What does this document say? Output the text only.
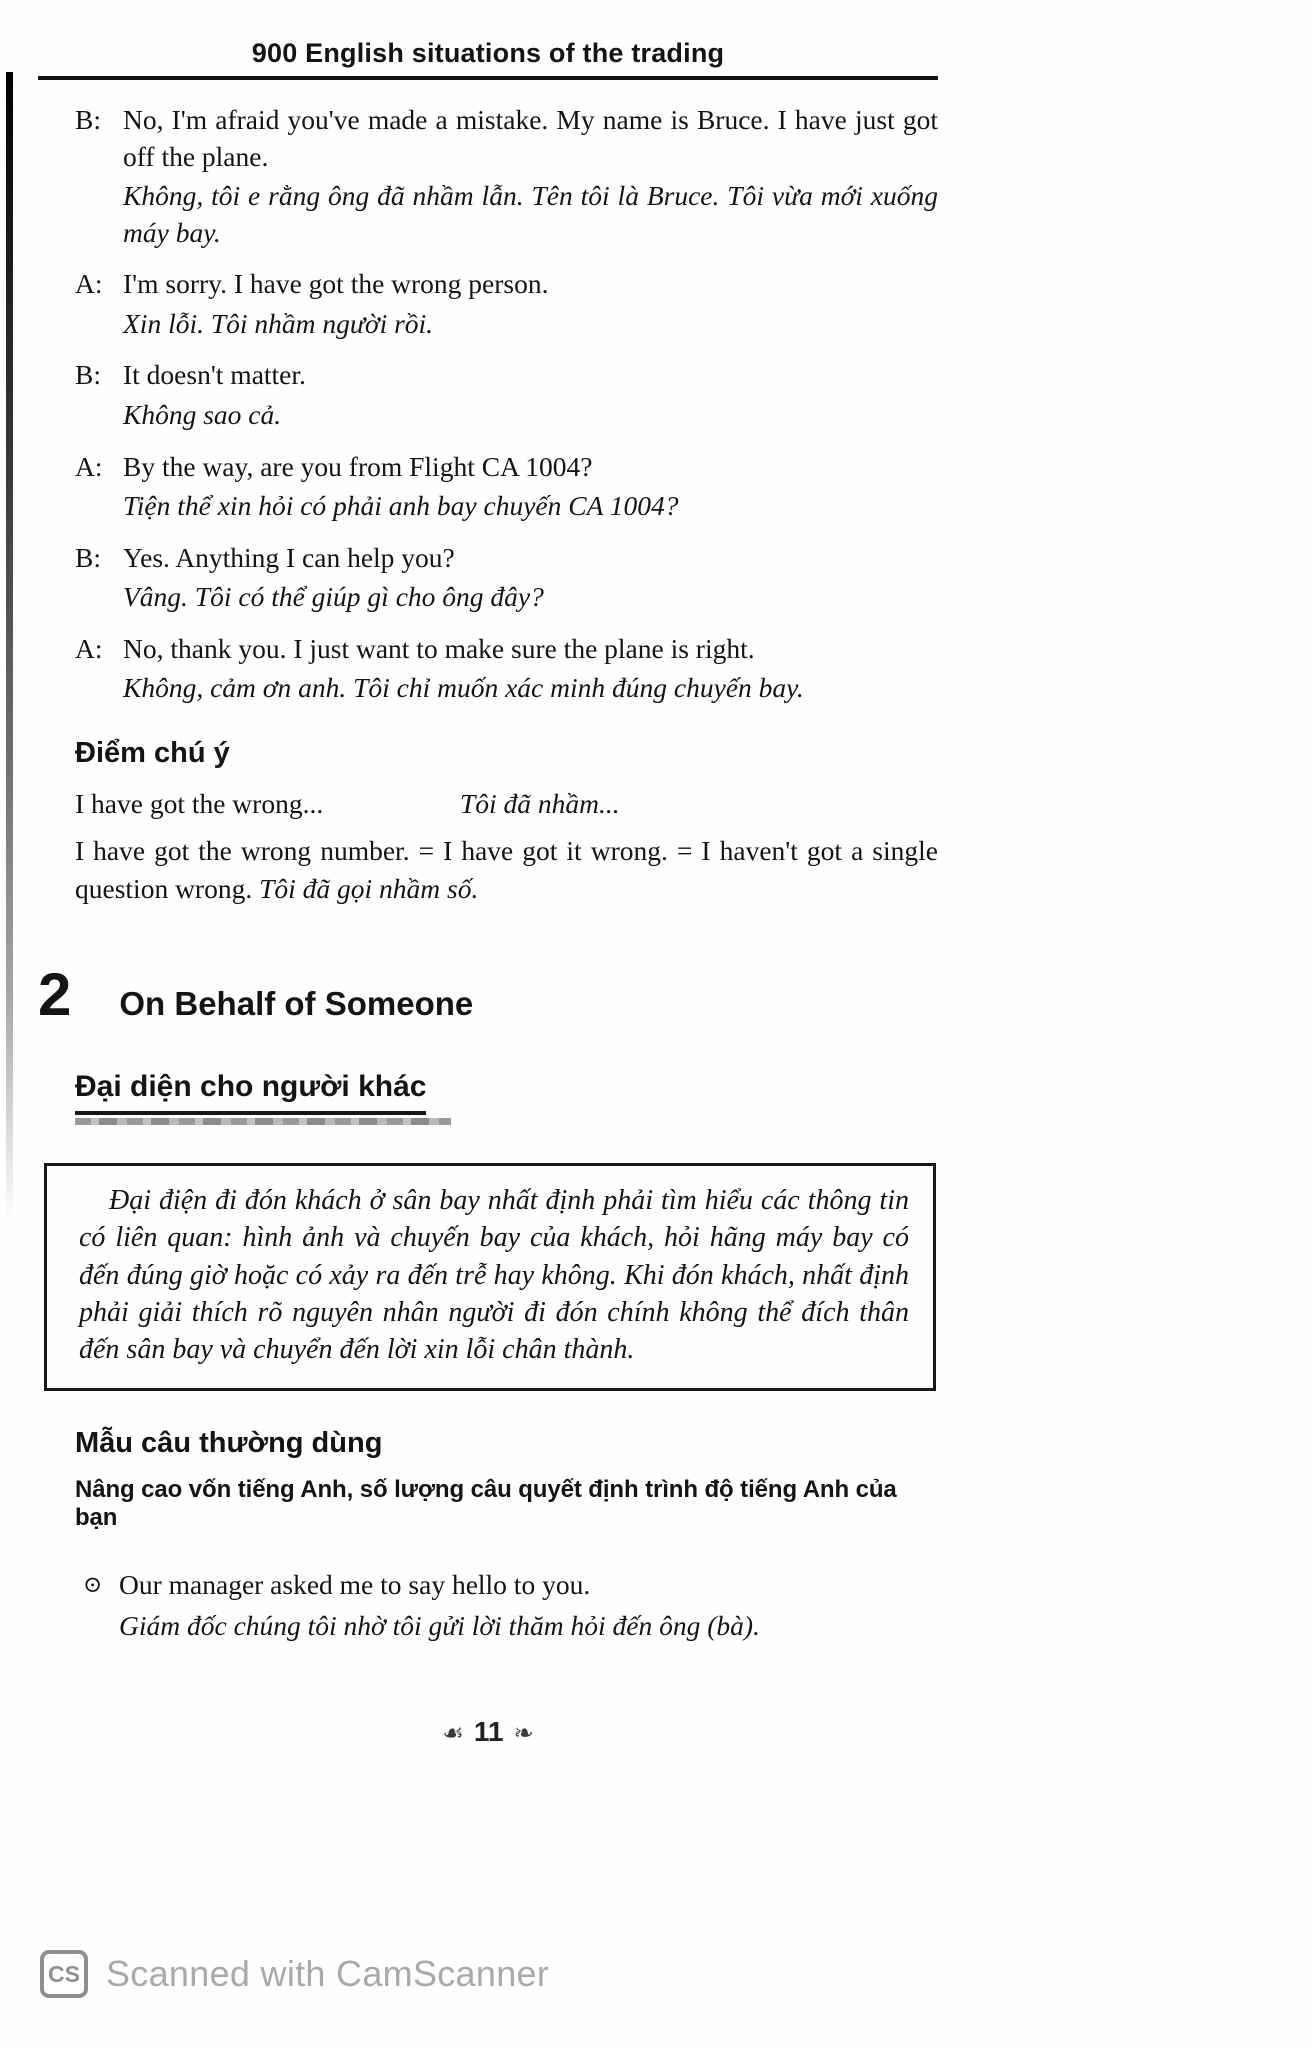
900 English situations of the trading
B: No, I'm afraid you've made a mistake. My name is Bruce. I have just got off the plane.
Không, tôi e rằng ông đã nhầm lẫn. Tên tôi là Bruce. Tôi vừa mới xuống máy bay.
A: I'm sorry. I have got the wrong person.
Xin lỗi. Tôi nhầm người rồi.
B: It doesn't matter.
Không sao cả.
A: By the way, are you from Flight CA 1004?
Tiện thể xin hỏi có phải anh bay chuyến CA 1004?
B: Yes. Anything I can help you?
Vâng. Tôi có thể giúp gì cho ông đây?
A: No, thank you. I just want to make sure the plane is right.
Không, cảm ơn anh. Tôi chỉ muốn xác minh đúng chuyến bay.
Điểm chú ý
I have got the wrong...	Tôi đã nhầm...
I have got the wrong number. = I have got it wrong. = I haven't got a single question wrong. Tôi đã gọi nhầm số.
2 On Behalf of Someone
Đại diện cho người khác

Đại điện đi đón khách ở sân bay nhất định phải tìm hiểu các thông tin có liên quan: hình ảnh và chuyến bay của khách, hỏi hãng máy bay có đến đúng giờ hoặc có xảy ra đến trễ hay không. Khi đón khách, nhất định phải giải thích rõ nguyên nhân người đi đón chính không thể đích thân đến sân bay và chuyển đến lời xin lỗi chân thành.

Mẫu câu thường dùng
Nâng cao vốn tiếng Anh, số lượng câu quyết định trình độ tiếng Anh của bạn
⊙ Our manager asked me to say hello to you.
Giám đốc chúng tôi nhờ tôi gửi lời thăm hỏi đến ông (bà).
☙ 11 ❧
CS Scanned with CamScanner
